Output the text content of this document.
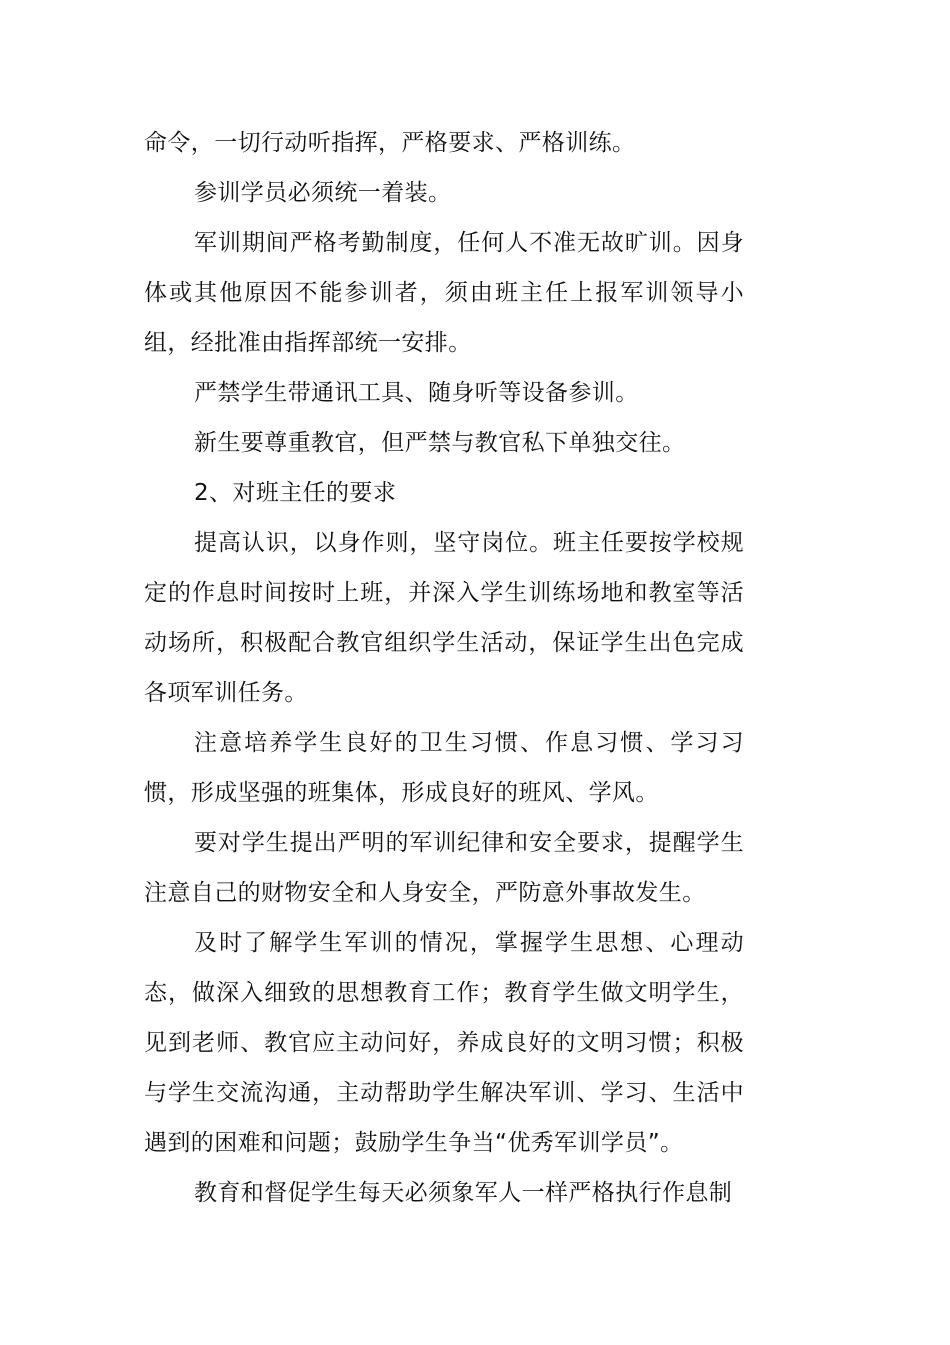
命令，一切行动听指挥，严格要求、严格训练。

参训学员必须统一着装。

军训期间严格考勤制度，任何人不准无故旷训。因身体或其他原因不能参训者，须由班主任上报军训领导小组，经批准由指挥部统一安排。

严禁学生带通讯工具、随身听等设备参训。

新生要尊重教官，但严禁与教官私下单独交往。

2、对班主任的要求

提高认识，以身作则，坚守岗位。班主任要按学校规定的作息时间按时上班，并深入学生训练场地和教室等活动场所，积极配合教官组织学生活动，保证学生出色完成各项军训任务。

注意培养学生良好的卫生习惯、作息习惯、学习习惯，形成坚强的班集体，形成良好的班风、学风。

要对学生提出严明的军训纪律和安全要求，提醒学生注意自己的财物安全和人身安全，严防意外事故发生。

及时了解学生军训的情况，掌握学生思想、心理动态，做深入细致的思想教育工作；教育学生做文明学生，见到老师、教官应主动问好，养成良好的文明习惯；积极与学生交流沟通，主动帮助学生解决军训、学习、生活中遇到的困难和问题；鼓励学生争当“优秀军训学员”。

教育和督促学生每天必须象军人一样严格执行作息制
